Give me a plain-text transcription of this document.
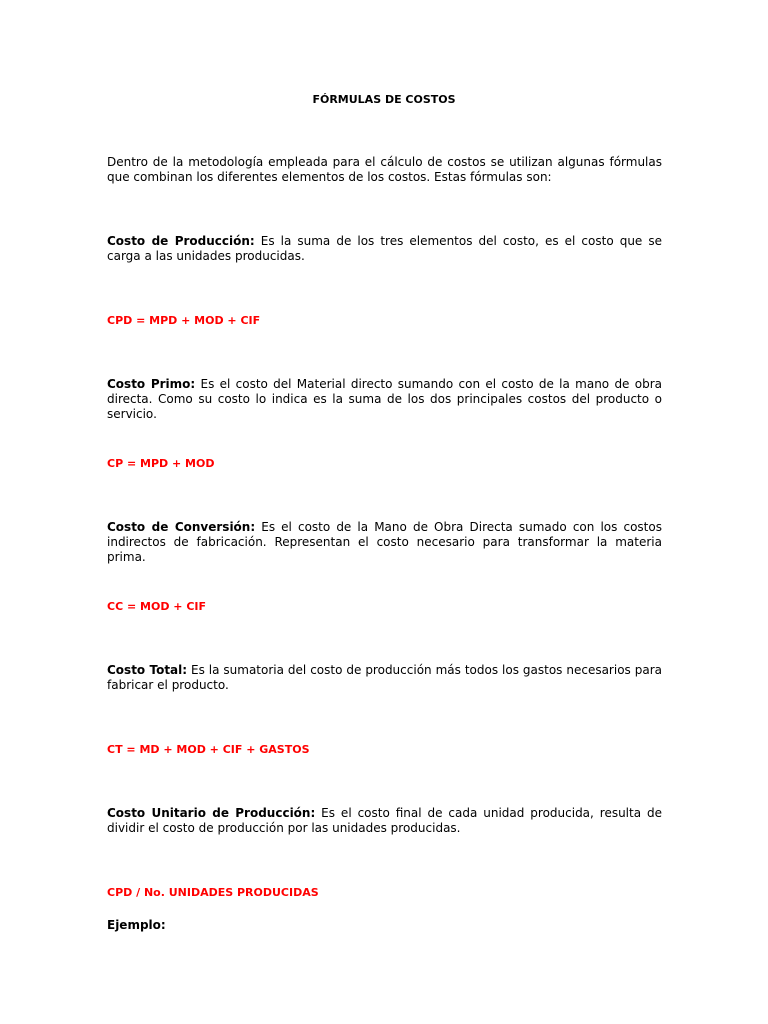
FÓRMULAS DE COSTOS
Dentro de la metodología empleada para el cálculo de costos se utilizan algunas fórmulas que combinan los diferentes elementos de los costos. Estas fórmulas son:
Costo de Producción: Es la suma de los tres elementos del costo, es el costo que se carga a las unidades producidas.
CPD = MPD + MOD + CIF
Costo Primo: Es el costo del Material directo sumando con el costo de la mano de obra directa. Como su costo lo indica es la suma de los dos principales costos del producto o servicio.
CP = MPD + MOD
Costo de Conversión: Es el costo de la Mano de Obra Directa sumado con los costos indirectos de fabricación. Representan el costo necesario para transformar la materia prima.
CC = MOD + CIF
Costo Total: Es la sumatoria del costo de producción más todos los gastos necesarios para fabricar el producto.
CT = MD + MOD + CIF + GASTOS
Costo Unitario de Producción: Es el costo final de cada unidad producida, resulta de dividir el costo de producción por las unidades producidas.
CPD / No. UNIDADES PRODUCIDAS
Ejemplo:
